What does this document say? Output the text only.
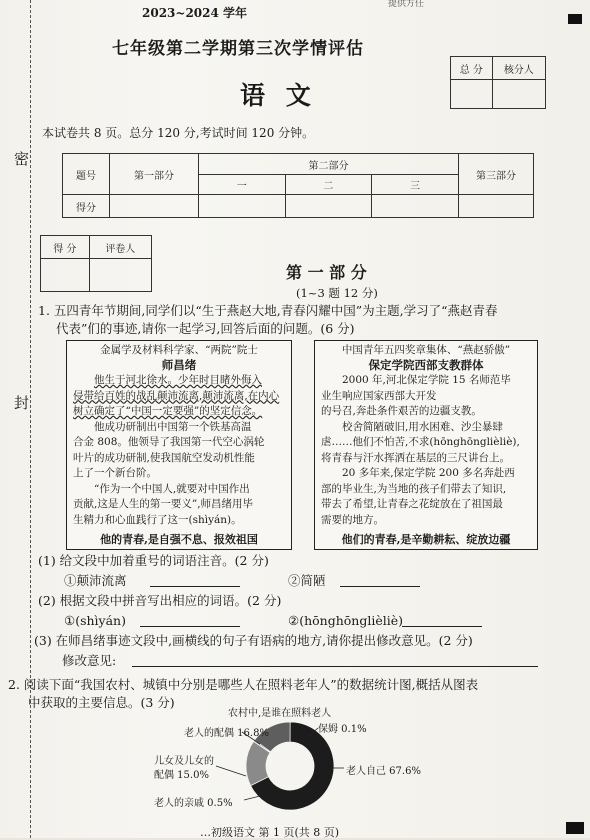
密
封
2023~2024 学年
提供方任
七年级第二学期第三次学情评估
语 文
总 分	核分人

本试卷共 8 页。总分 120 分,考试时间 120 分钟。
题号	第一部分	第二部分			第三部分
		一	二	三	
得分					
得 分	评卷人

第 一 部 分
(1~3 题 12 分)
1. 五四青年节期间,同学们以“生于燕赵大地,青春闪耀中国”为主题,学习了“燕赵青春
代表”们的事迹,请你一起学习,回答后面的问题。(6 分)
金属学及材料科学家、“两院”院士
师昌绪
他生于河北徐水。少年时目睹外侮入
侵带给百姓的战乱颠沛流离,颠沛流离,在内心
树立确定了“中国一定要强”的坚定信念。
他成功研制出中国第一个铁基高温
合金 808。他领导了我国第一代空心涡轮
叶片的成功研制,使我国航空发动机性能
上了一个新台阶。
“作为一个中国人,就要对中国作出
贡献,这是人生的第一要义”,师昌绪用毕
生精力和心血践行了这一(shìyán)。
他的青春,是自强不息、报效祖国
中国青年五四奖章集体、“燕赵骄傲”
保定学院西部支教群体
2000 年,河北保定学院 15 名师范毕
业生响应国家西部大开发
的号召,奔赴条件艰苦的边疆支教。
校舍简陋破旧,用水困难、沙尘暴肆
虐……他们不怕苦,不求(hōnghōnglièliè),
将青春与汗水挥洒在基层的三尺讲台上。
20 多年来,保定学院 200 多名奔赴西
部的毕业生,为当地的孩子们带去了知识,
带去了希望,让青春之花绽放在了祖国最
需要的地方。
他们的青春,是辛勤耕耘、绽放边疆
(1) 给文段中加着重号的词语注音。(2 分)
①颠沛流离	②简陋
(2) 根据文段中拼音写出相应的词语。(2 分)
①(shìyán)	②(hōnghōnglièliè)
(3) 在师昌绪事迹文段中,画横线的句子有语病的地方,请你提出修改意见。(2 分)
修改意见:
2. 阅读下面“我国农村、城镇中分别是哪些人在照料老年人”的数据统计图,概括从图表
中获取的主要信息。(3 分)
农村中,是谁在照料老人
老人的配偶 16.8%	保姆 0.1%
老人自己 67.6%
儿女及儿女的
配偶 15.0%
老人的亲戚 0.5%
…初级语文 第 1 页(共 8 页)
